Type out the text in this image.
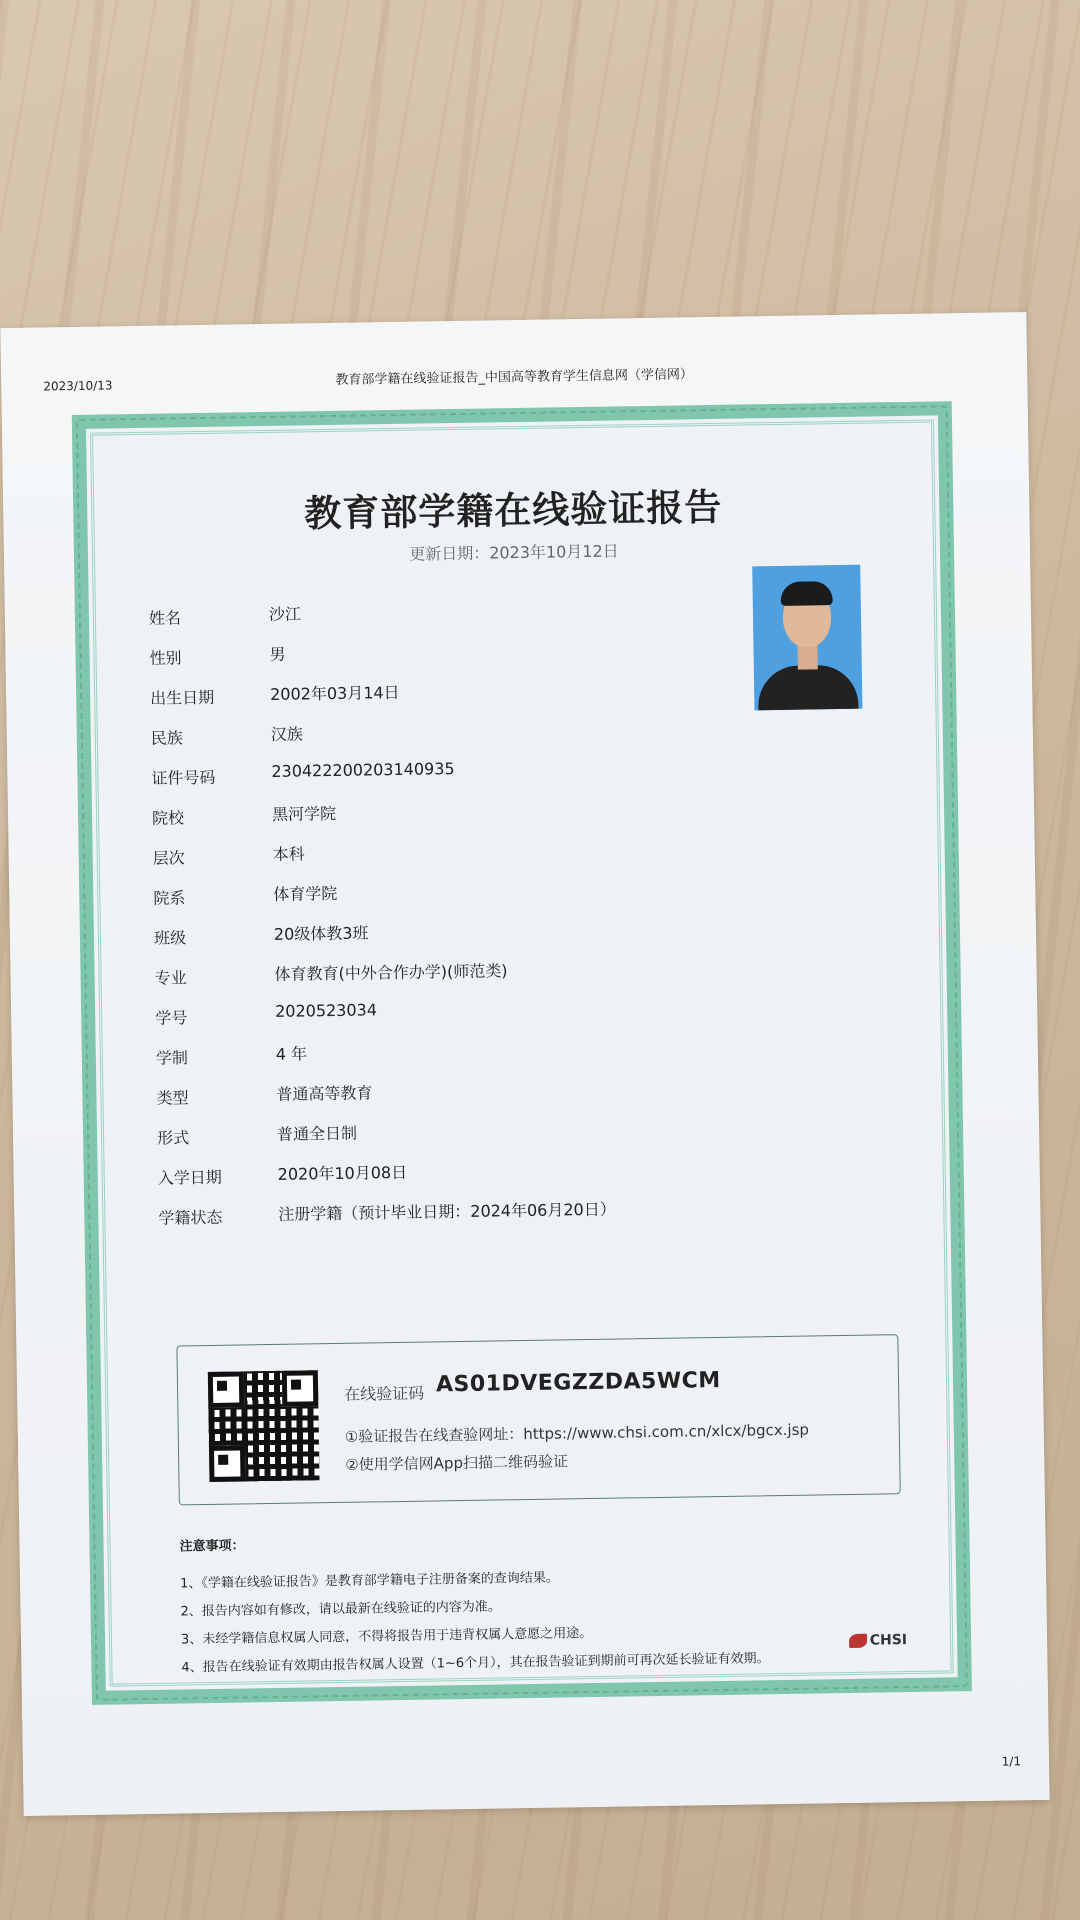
2023/10/13	教育部学籍在线验证报告_中国高等教育学生信息网（学信网）
教育部学籍在线验证报告
更新日期：2023年10月12日
姓名	沙江
性别	男
出生日期	2002年03月14日
民族	汉族
证件号码	230422200203140935
院校	黑河学院
层次	本科
院系	体育学院
班级	20级体教3班
专业	体育教育(中外合作办学)(师范类)
学号	2020523034
学制	4 年
类型	普通高等教育
形式	普通全日制
入学日期	2020年10月08日
学籍状态	注册学籍（预计毕业日期：2024年06月20日）
在线验证码 AS01DVEGZZDA5WCM
①验证报告在线查验网址：https://www.chsi.com.cn/xlcx/bgcx.jsp
②使用学信网App扫描二维码验证
注意事项：
1、《学籍在线验证报告》是教育部学籍电子注册备案的查询结果。
2、报告内容如有修改，请以最新在线验证的内容为准。
3、未经学籍信息权属人同意，不得将报告用于违背权属人意愿之用途。
4、报告在线验证有效期由报告权属人设置（1~6个月），其在报告验证到期前可再次延长验证有效期。
CHSI
1/1
